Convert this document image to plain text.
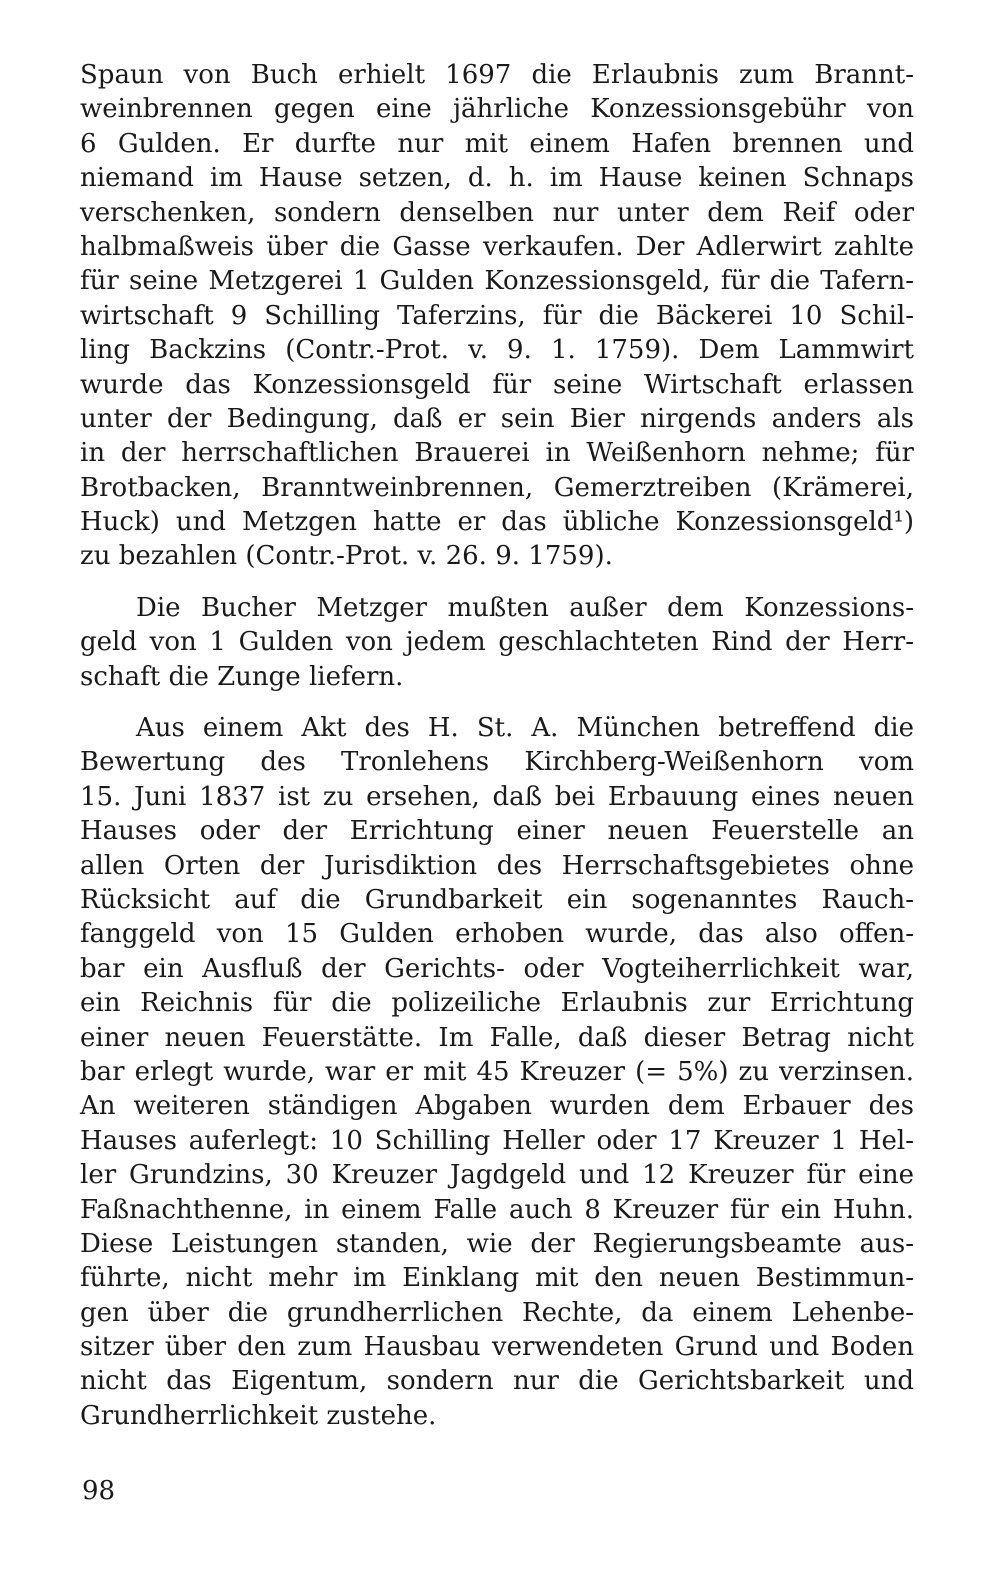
Spaun von Buch erhielt 1697 die Erlaubnis zum Brannt-
weinbrennen gegen eine jährliche Konzessionsgebühr von
6 Gulden. Er durfte nur mit einem Hafen brennen und
niemand im Hause setzen, d. h. im Hause keinen Schnaps
verschenken, sondern denselben nur unter dem Reif oder
halbmaßweis über die Gasse verkaufen. Der Adlerwirt zahlte
für seine Metzgerei 1 Gulden Konzessionsgeld, für die Tafern-
wirtschaft 9 Schilling Taferzins, für die Bäckerei 10 Schil-
ling Backzins (Contr.-Prot. v. 9. 1. 1759). Dem Lammwirt
wurde das Konzessionsgeld für seine Wirtschaft erlassen
unter der Bedingung, daß er sein Bier nirgends anders als
in der herrschaftlichen Brauerei in Weißenhorn nehme; für
Brotbacken, Branntweinbrennen, Gemerztreiben (Krämerei,
Huck) und Metzgen hatte er das übliche Konzessionsgeld¹)
zu bezahlen (Contr.-Prot. v. 26. 9. 1759).
Die Bucher Metzger mußten außer dem Konzessions-
geld von 1 Gulden von jedem geschlachteten Rind der Herr-
schaft die Zunge liefern.
Aus einem Akt des H. St. A. München betreffend die
Bewertung des Tronlehens Kirchberg-Weißenhorn vom
15. Juni 1837 ist zu ersehen, daß bei Erbauung eines neuen
Hauses oder der Errichtung einer neuen Feuerstelle an
allen Orten der Jurisdiktion des Herrschaftsgebietes ohne
Rücksicht auf die Grundbarkeit ein sogenanntes Rauch-
fanggeld von 15 Gulden erhoben wurde, das also offen-
bar ein Ausfluß der Gerichts- oder Vogteiherrlichkeit war,
ein Reichnis für die polizeiliche Erlaubnis zur Errichtung
einer neuen Feuerstätte. Im Falle, daß dieser Betrag nicht
bar erlegt wurde, war er mit 45 Kreuzer (= 5%) zu verzinsen.
An weiteren ständigen Abgaben wurden dem Erbauer des
Hauses auferlegt: 10 Schilling Heller oder 17 Kreuzer 1 Hel-
ler Grundzins, 30 Kreuzer Jagdgeld und 12 Kreuzer für eine
Faßnachthenne, in einem Falle auch 8 Kreuzer für ein Huhn.
Diese Leistungen standen, wie der Regierungsbeamte aus-
führte, nicht mehr im Einklang mit den neuen Bestimmun-
gen über die grundherrlichen Rechte, da einem Lehenbe-
sitzer über den zum Hausbau verwendeten Grund und Boden
nicht das Eigentum, sondern nur die Gerichtsbarkeit und
Grundherrlichkeit zustehe.
98
